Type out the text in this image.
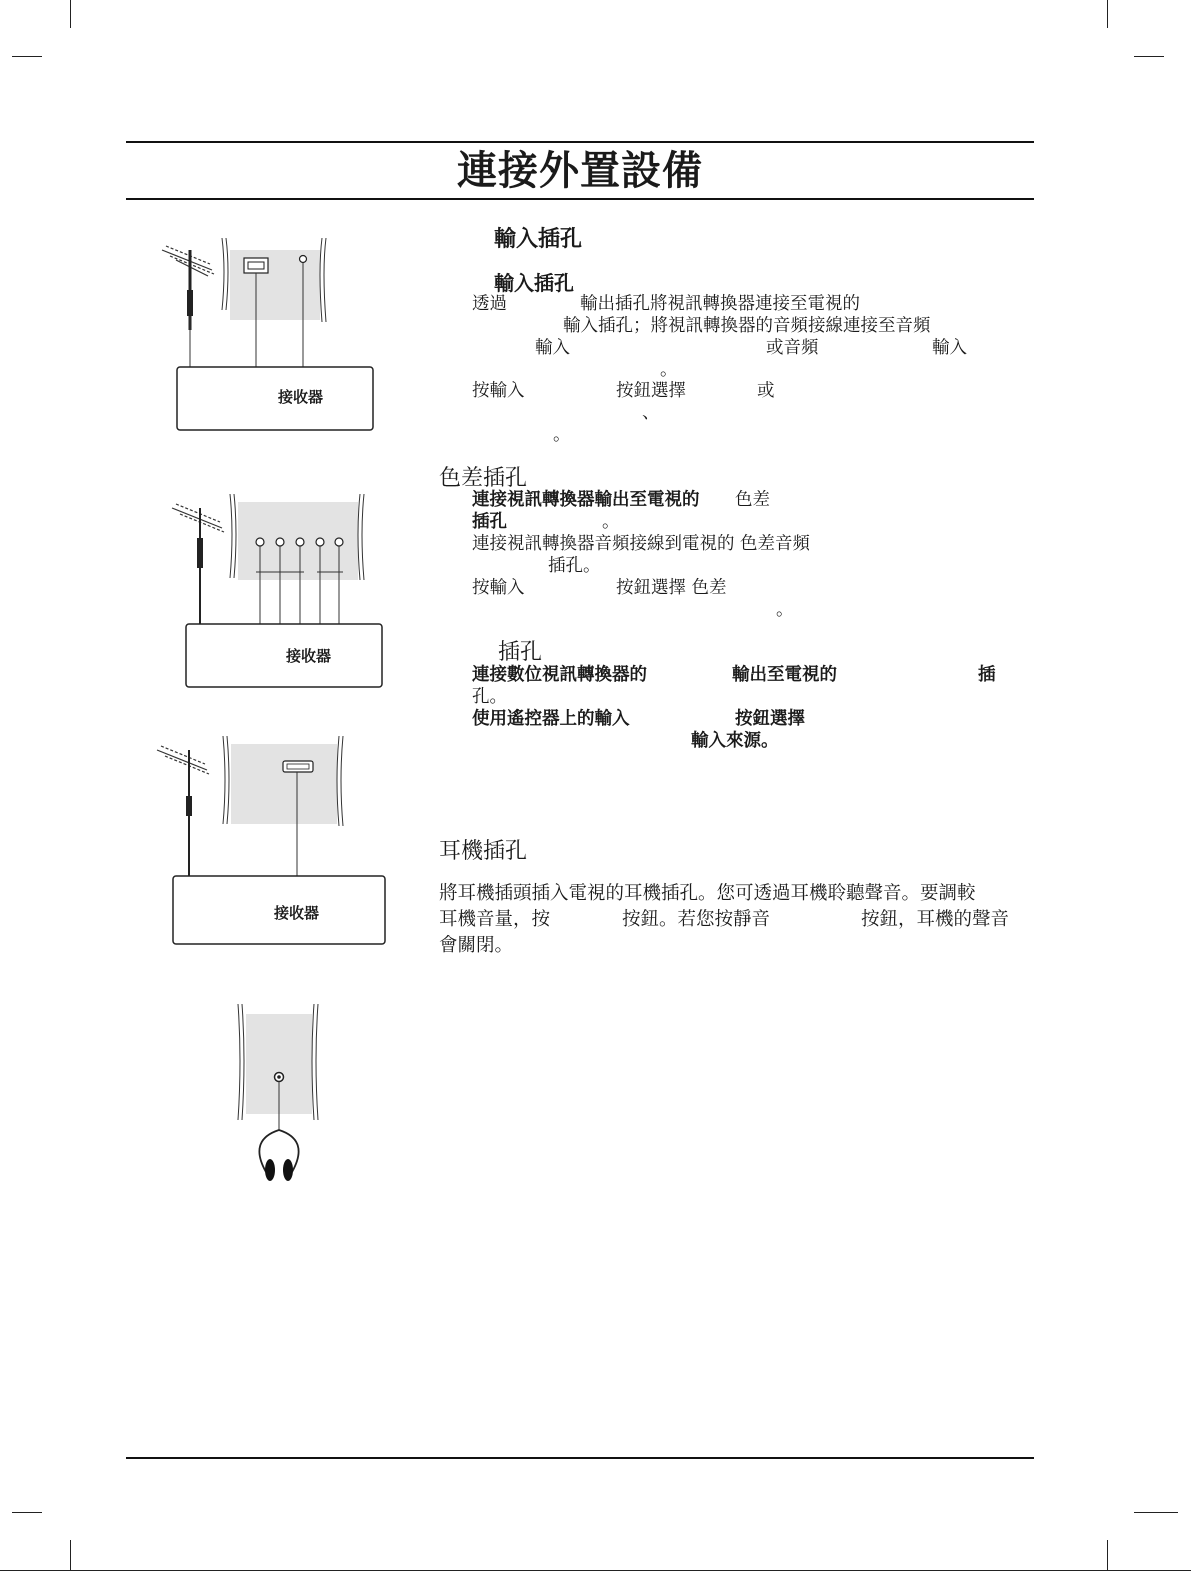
連接外置設備
接收器
接收器
接收器
輸入插孔
輸入插孔
透過	輸出插孔將視訊轉換器連接至電視的
輸入插孔；將視訊轉換器的音頻接線連接至音頻
輸入	或音頻	輸入
。
按輸入	按鈕選擇	或
、
。
色差插孔
連接視訊轉換器輸出至電視的 色差
插孔	。
連接視訊轉換器音頻接線到電視的 色差音頻
插孔。
按輸入	按鈕選擇 色差
。
插孔
連接數位視訊轉換器的	輸出至電視的	插
孔。
使用遙控器上的輸入	按鈕選擇
輸入來源。
耳機插孔
將耳機插頭插入電視的耳機插孔。您可透過耳機聆聽聲音。要調較
耳機音量，按	按鈕。若您按靜音	按鈕，耳機的聲音
會關閉。
